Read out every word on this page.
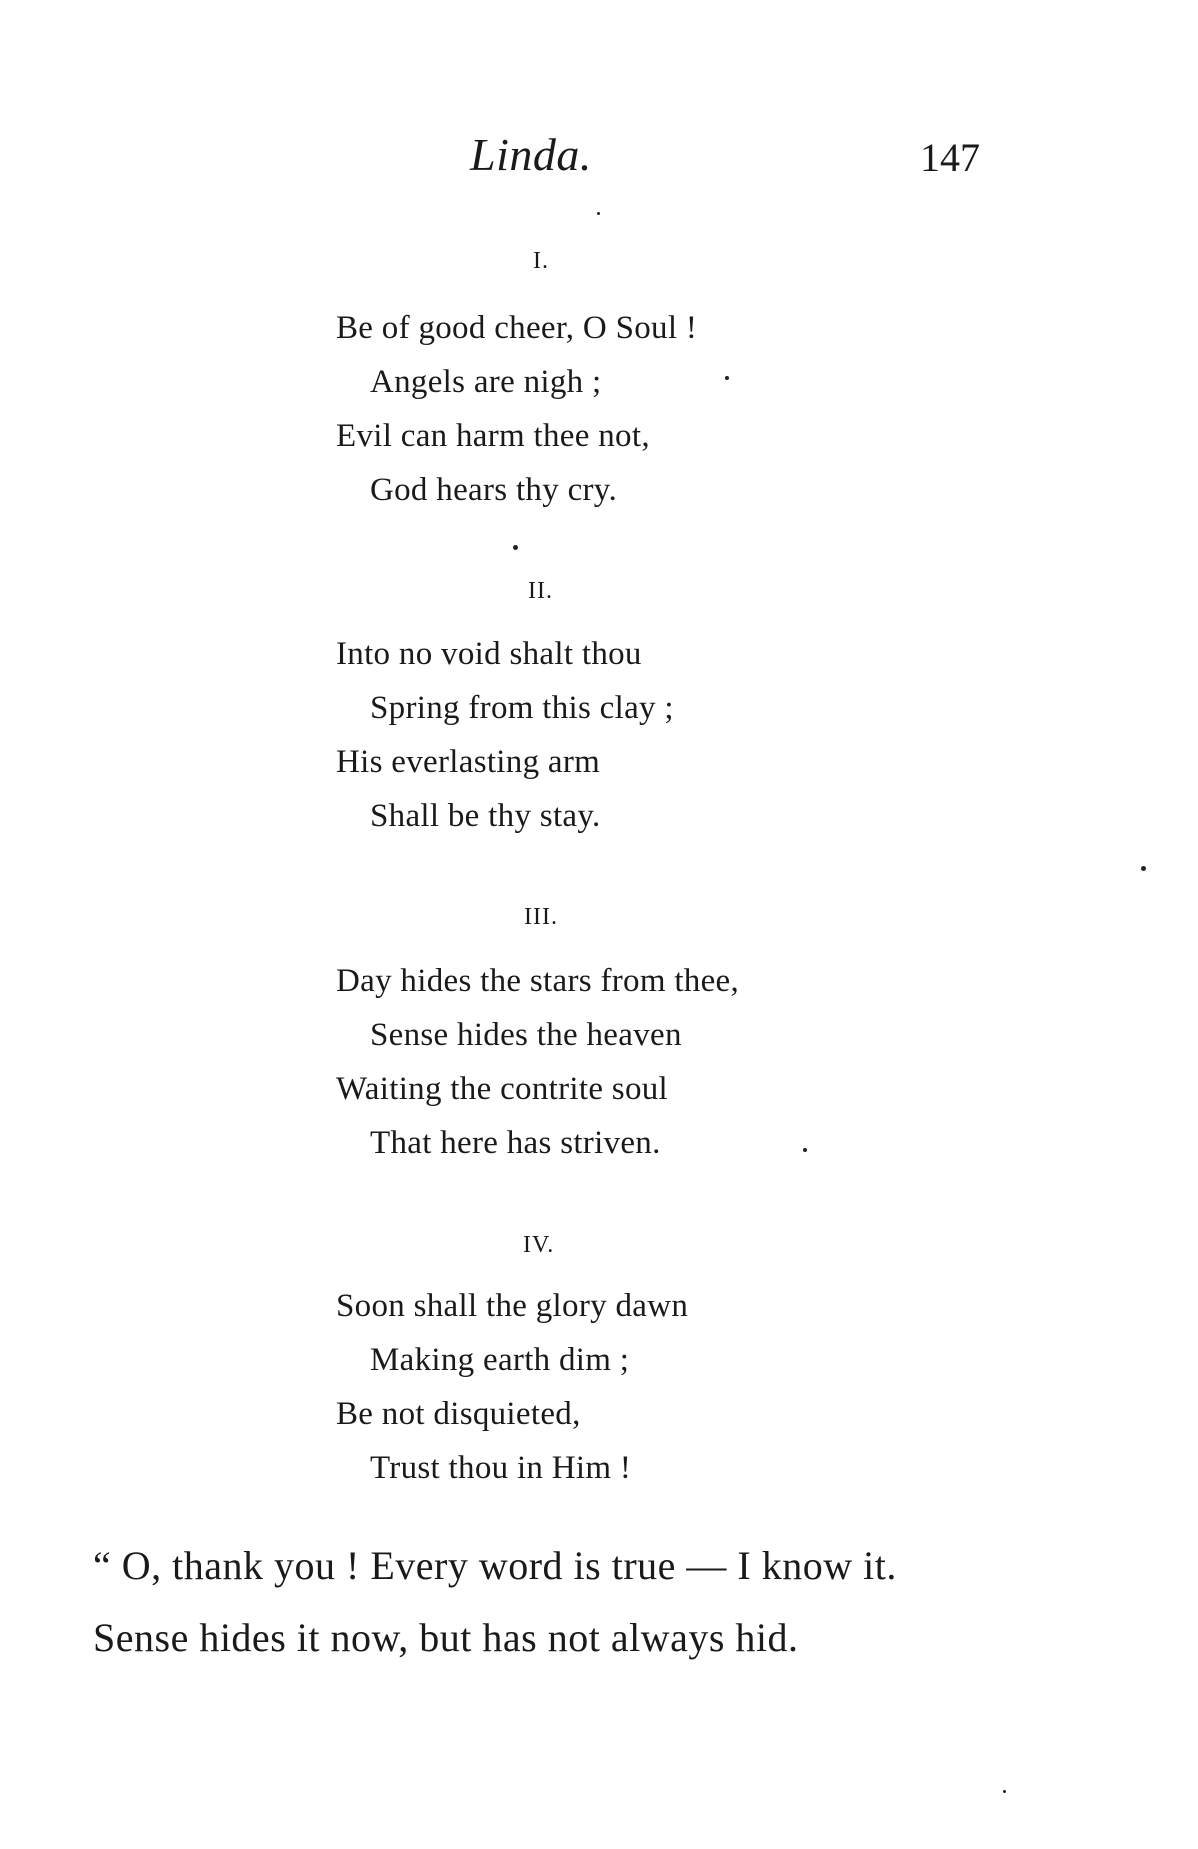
Linda.	147
I.
Be of good cheer, O Soul !
Angels are nigh ;
Evil can harm thee not,
God hears thy cry.
II.
Into no void shalt thou
Spring from this clay ;
His everlasting arm
Shall be thy stay.
III.
Day hides the stars from thee,
Sense hides the heaven
Waiting the contrite soul
That here has striven.
IV.
Soon shall the glory dawn
Making earth dim ;
Be not disquieted,
Trust thou in Him !
“ O, thank you ! Every word is true — I know it.
Sense hides it now, but has not always hid.
